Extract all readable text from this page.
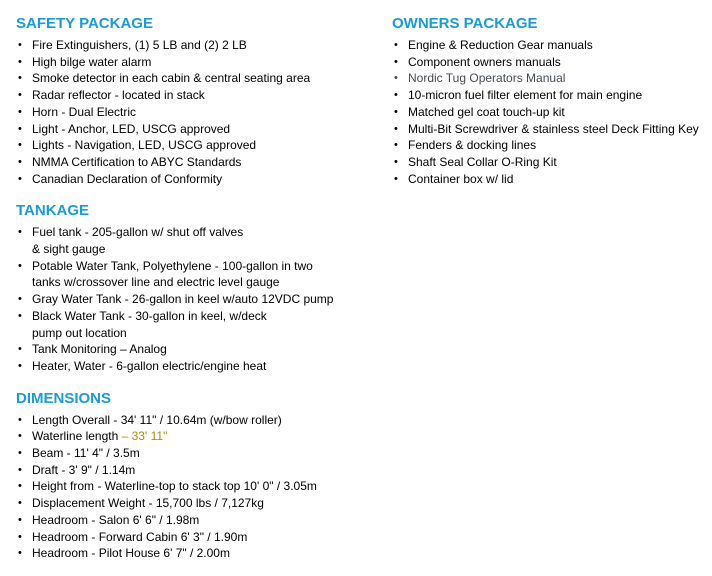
SAFETY PACKAGE
• Fire Extinguishers, (1) 5 LB and (2) 2 LB
• High bilge water alarm
• Smoke detector in each cabin & central seating area
• Radar reflector - located in stack
• Horn - Dual Electric
• Light - Anchor, LED, USCG approved
• Lights - Navigation, LED, USCG approved
• NMMA Certification to ABYC Standards
• Canadian Declaration of Conformity
TANKAGE
• Fuel tank - 205-gallon w/ shut off valves
& sight gauge
• Potable Water Tank, Polyethylene - 100-gallon in two
tanks w/crossover line and electric level gauge
• Gray Water Tank - 26-gallon in keel w/auto 12VDC pump
• Black Water Tank - 30-gallon in keel, w/deck
pump out location
• Tank Monitoring – Analog
• Heater, Water - 6-gallon electric/engine heat
DIMENSIONS
• Length Overall - 34' 11" / 10.64m (w/bow roller)
• Waterline length – 33' 11"
• Beam - 11' 4" / 3.5m
• Draft - 3' 9" / 1.14m
• Height from - Waterline-top to stack top 10' 0" / 3.05m
• Displacement Weight - 15,700 lbs / 7,127kg
• Headroom - Salon 6' 6" / 1.98m
• Headroom - Forward Cabin 6' 3" / 1.90m
• Headroom - Pilot House 6' 7" / 2.00m
OWNERS PACKAGE
• Engine & Reduction Gear manuals
• Component owners manuals
• Nordic Tug Operators Manual
• 10-micron fuel filter element for main engine
• Matched gel coat touch-up kit
• Multi-Bit Screwdriver & stainless steel Deck Fitting Key
• Fenders & docking lines
• Shaft Seal Collar O-Ring Kit
• Container box w/ lid
